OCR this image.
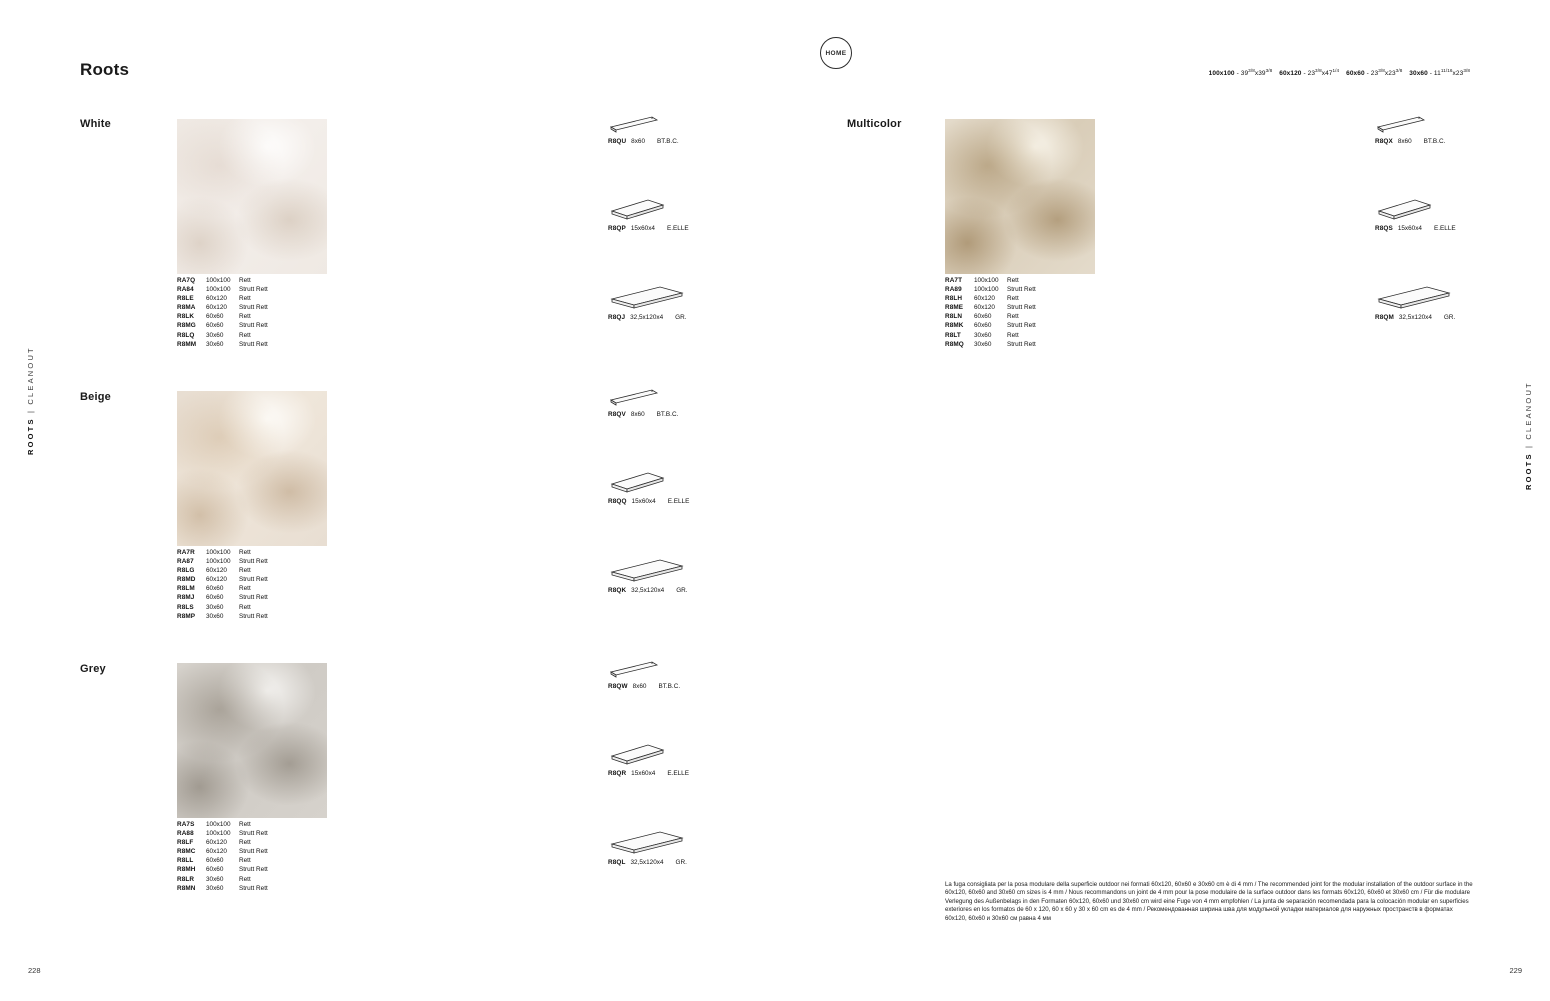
HOME
Roots	$100x100 - 39^{3/8}x39^{3/8}$ $60x120 - 23^{3/8}x47^{1/4}$ $60x60 - 23^{3/8}x23^{3/8}$ $30x60 - 11^{11/16}x23^{3/8}$
ROOTS | CLEANOUT
ROOTS | CLEANOUT
White
RA7Q	100x100	Rett
RA84	100x100	Strutt Rett
R8LE	60x120	Rett
R8MA	60x120	Strutt Rett
R8LK	60x60	Rett
R8MG	60x60	Strutt Rett
R8LQ	30x60	Rett
R8MM	30x60	Strutt Rett
R8QU 8x60 BT.B.C.
R8QP 15x60x4 E.ELLE
R8QJ 32,5x120x4 GR.
Beige
RA7R	100x100	Rett
RA87	100x100	Strutt Rett
R8LG	60x120	Rett
R8MD	60x120	Strutt Rett
R8LM	60x60	Rett
R8MJ	60x60	Strutt Rett
R8LS	30x60	Rett
R8MP	30x60	Strutt Rett
R8QV 8x60 BT.B.C.
R8QQ 15x60x4 E.ELLE
R8QK 32,5x120x4 GR.
Grey
RA7S	100x100	Rett
RA88	100x100	Strutt Rett
R8LF	60x120	Rett
R8MC	60x120	Strutt Rett
R8LL	60x60	Rett
R8MH	60x60	Strutt Rett
R8LR	30x60	Rett
R8MN	30x60	Strutt Rett
R8QW 8x60 BT.B.C.
R8QR 15x60x4 E.ELLE
R8QL 32,5x120x4 GR.
Multicolor
RA7T	100x100	Rett
RA89	100x100	Strutt Rett
R8LH	60x120	Rett
R8ME	60x120	Strutt Rett
R8LN	60x60	Rett
R8MK	60x60	Strutt Rett
R8LT	30x60	Rett
R8MQ	30x60	Strutt Rett
R8QX 8x60 BT.B.C.
R8QS 15x60x4 E.ELLE
R8QM 32,5x120x4 GR.
La fuga consigliata per la posa modulare della superficie outdoor nei formati 60x120, 60x60 e 30x60 cm è di 4 mm / The recommended joint for the modular installation of the outdoor surface in the 60x120, 60x60 and 30x60 cm sizes is 4 mm / Nous recommandons un joint de 4 mm pour la pose modulaire de la surface outdoor dans les formats 60x120, 60x60 et 30x60 cm / Für die modulare Verlegung des Außenbelags in den Formaten 60x120, 60x60 und 30x60 cm wird eine Fuge von 4 mm empfohlen / La junta de separación recomendada para la colocación modular en superficies exteriores en los formatos de 60 x 120, 60 x 60 y 30 x 60 cm es de 4 mm / Рекомендованная ширина шва для модульной укладки материалов для наружных пространств в форматах 60x120, 60x60 и 30x60 см равна 4 мм
228	229
